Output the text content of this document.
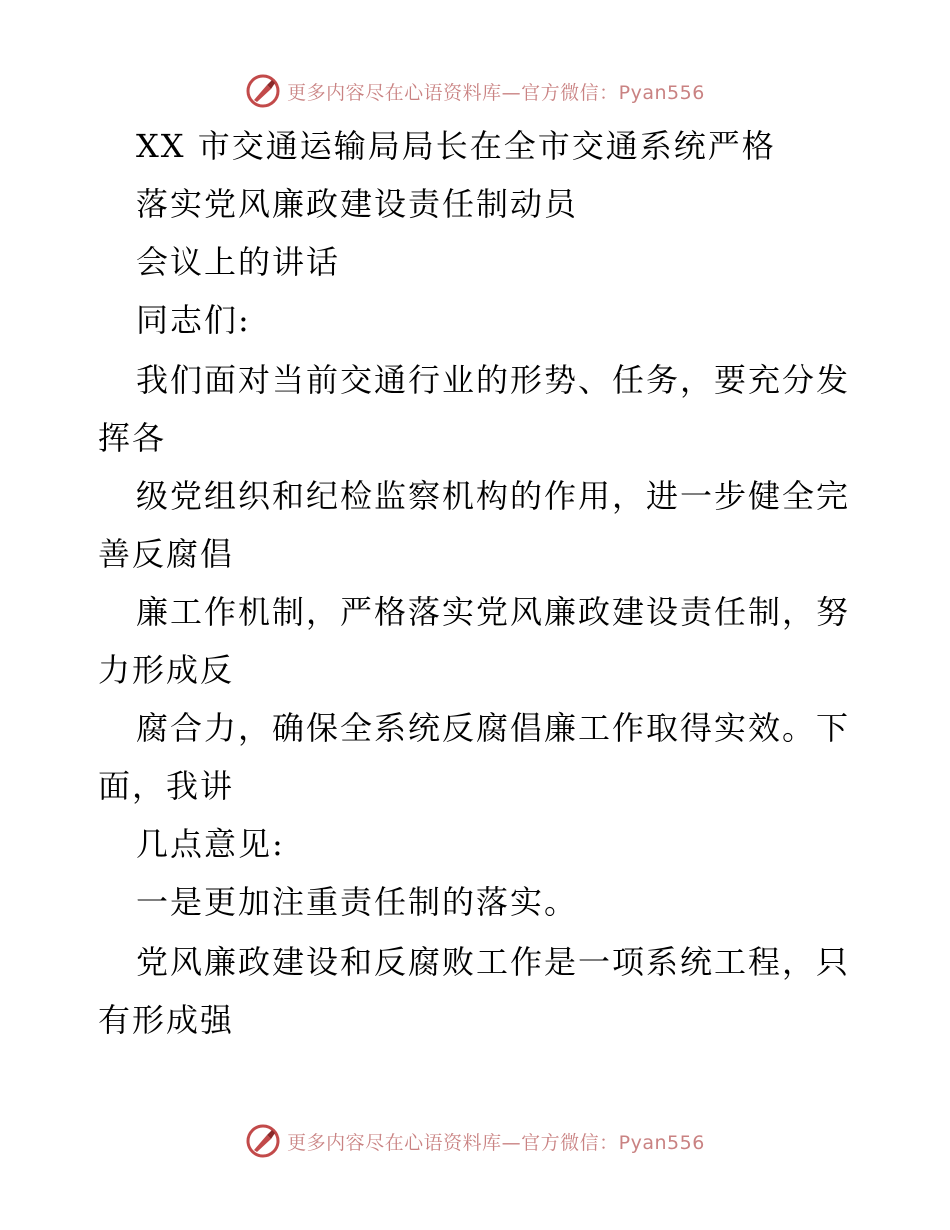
更多内容尽在心语资料库—官方微信：Pyan556
XX 市交通运输局局长在全市交通系统严格
落实党风廉政建设责任制动员
会议上的讲话
同志们:
我们面对当前交通行业的形势、任务，要充分发
挥各
级党组织和纪检监察机构的作用，进一步健全完
善反腐倡
廉工作机制，严格落实党风廉政建设责任制，努
力形成反
腐合力，确保全系统反腐倡廉工作取得实效。下
面，我讲
几点意见:
一是更加注重责任制的落实。
党风廉政建设和反腐败工作是一项系统工程，只
有形成强
更多内容尽在心语资料库—官方微信：Pyan556
